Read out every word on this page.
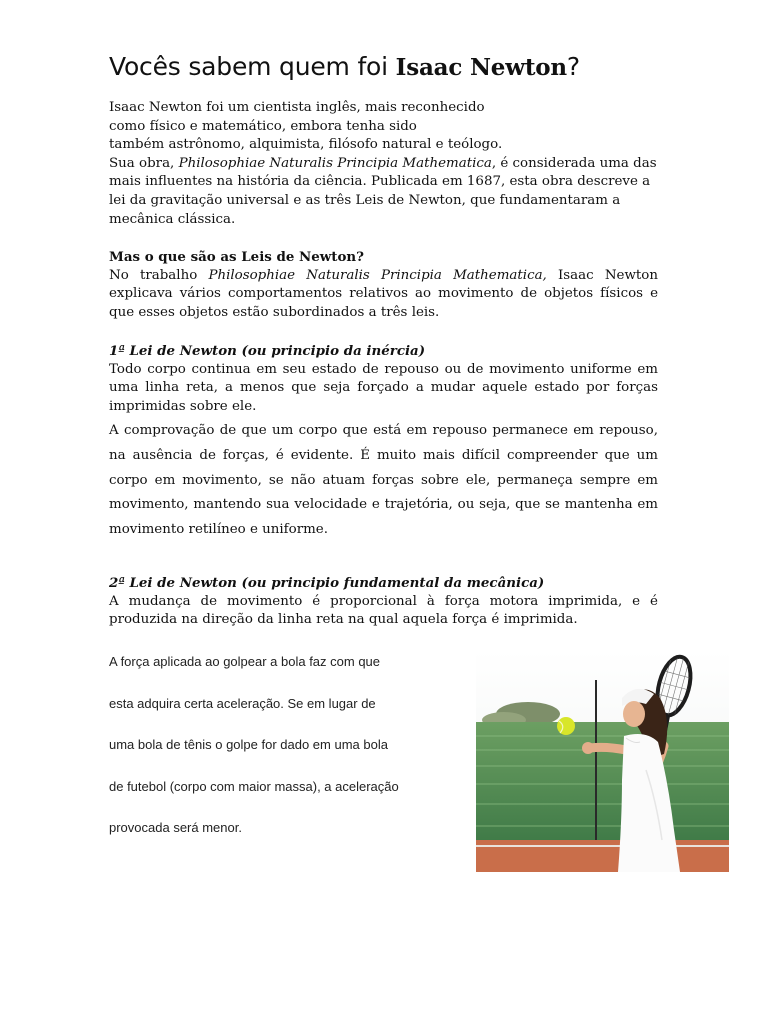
Vocês sabem quem foi Isaac Newton?
Isaac Newton foi um cientista inglês, mais reconhecido
como físico e matemático, embora tenha sido
também astrônomo, alquimista, filósofo natural e teólogo.
Sua obra, Philosophiae Naturalis Principia Mathematica, é considerada uma das mais influentes na história da ciência. Publicada em 1687, esta obra descreve a lei da gravitação universal e as três Leis de Newton, que fundamentaram a mecânica clássica.
Mas o que são as Leis de Newton?
No trabalho Philosophiae Naturalis Principia Mathematica, Isaac Newton explicava vários comportamentos relativos ao movimento de objetos físicos e que esses objetos estão subordinados a três leis.
1ª Lei de Newton (ou principio da inércia)
Todo corpo continua em seu estado de repouso ou de movimento uniforme em uma linha reta, a menos que seja forçado a mudar aquele estado por forças imprimidas sobre ele.
A comprovação de que um corpo que está em repouso permanece em repouso, na ausência de forças, é evidente. É muito mais difícil compreender que um corpo em movimento, se não atuam forças sobre ele, permaneça sempre em movimento, mantendo sua velocidade e trajetória, ou seja, que se mantenha em movimento retilíneo e uniforme.
2ª Lei de Newton (ou principio fundamental da mecânica)
A mudança de movimento é proporcional à força motora imprimida, e é produzida na direção da linha reta na qual aquela força é imprimida.
A força aplicada ao golpear a bola faz com que
esta adquira certa aceleração. Se em lugar de
uma bola de tênis o golpe for dado em uma bola
de futebol (corpo com maior massa), a aceleração
provocada será menor.
